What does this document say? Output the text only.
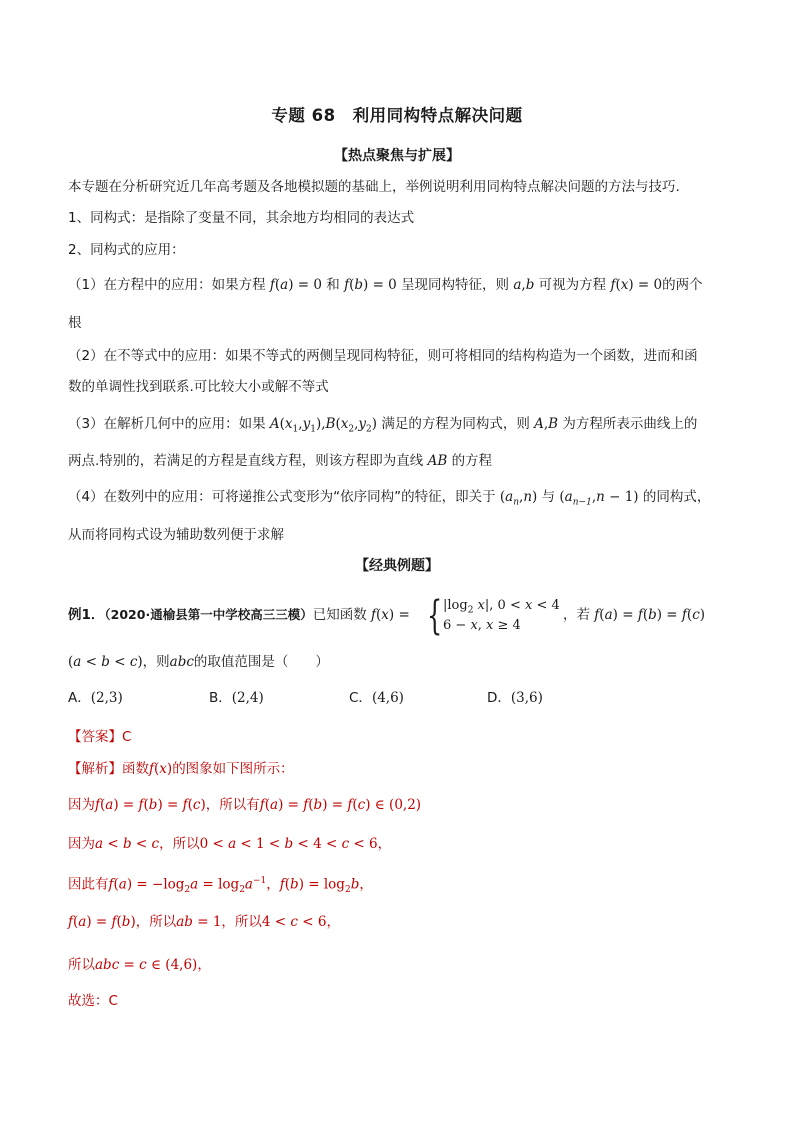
专题 68　利用同构特点解决问题
【热点聚焦与扩展】
本专题在分析研究近几年高考题及各地模拟题的基础上，举例说明利用同构特点解决问题的方法与技巧.
1、同构式：是指除了变量不同，其余地方均相同的表达式
2、同构式的应用：
（1）在方程中的应用：如果方程 f(a) = 0 和 f(b) = 0 呈现同构特征，则 a,b 可视为方程 f(x) = 0的两个
根
（2）在不等式中的应用：如果不等式的两侧呈现同构特征，则可将相同的结构构造为一个函数，进而和函
数的单调性找到联系.可比较大小或解不等式
（3）在解析几何中的应用：如果 $A(x_1,y_1),B(x_2,y_2)$ 满足的方程为同构式，则 A,B 为方程所表示曲线上的
两点.特别的，若满足的方程是直线方程，则该方程即为直线 AB 的方程
（4）在数列中的应用：可将递推公式变形为“依序同构”的特征，即关于 $(a_n,n)$ 与 $(a_{n-1},n - 1)$ 的同构式，
从而将同构式设为辅助数列便于求解
【经典例题】
例1．（2020·通榆县第一中学校高三三模）已知函数 f(x) = { $|\log_2$ x|, 0 < x < 4
6 − x, x ≥ 4
，若 f(a) = f(b) = f(c)
(a < b < c)，则abc的取值范围是（　　）
A．(2,3)	B．(2,4)	C．(4,6)	D．(3,6)
【答案】C
【解析】函数f(x)的图象如下图所示：
因为f(a) = f(b) = f(c)，所以有f(a) = f(b) = f(c) ∈ (0,2)
因为a < b < c，所以0 < a < 1 < b < 4 < c < 6，
因此有$f(a) = -\log_2a = \log_2a^{-1}$，$f(b) = \log_2b$，
f(a) = f(b)，所以ab = 1，所以4 < c < 6，
所以abc = c ∈ (4,6)，
故选：C
